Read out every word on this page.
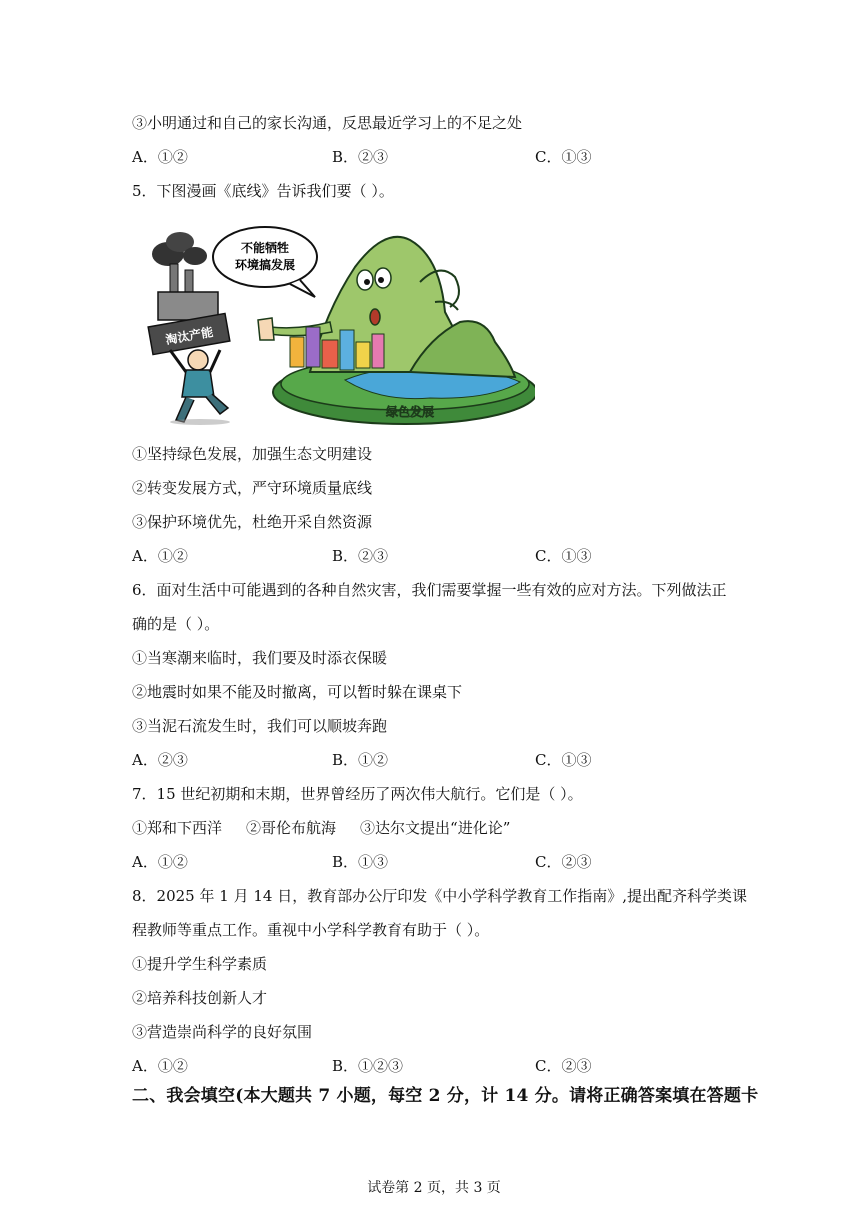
③小明通过和自己的家长沟通，反思最近学习上的不足之处
A．①②	B．②③	C．①③
5．下图漫画《底线》告诉我们要（ ）。
绿色发展
不能牺牲
环境搞发展
淘汰产能
①坚持绿色发展，加强生态文明建设
②转变发展方式，严守环境质量底线
③保护环境优先，杜绝开采自然资源
A．①②	B．②③	C．①③
6．面对生活中可能遇到的各种自然灾害，我们需要掌握一些有效的应对方法。下列做法正
确的是（ ）。
①当寒潮来临时，我们要及时添衣保暖
②地震时如果不能及时撤离，可以暂时躲在课桌下
③当泥石流发生时，我们可以顺坡奔跑
A．②③	B．①②	C．①③
7．15 世纪初期和末期，世界曾经历了两次伟大航行。它们是（ ）。
①郑和下西洋 ②哥伦布航海 ③达尔文提出“进化论”
A．①②	B．①③	C．②③
8．2025 年 1 月 14 日，教育部办公厅印发《中小学科学教育工作指南》,提出配齐科学类课
程教师等重点工作。重视中小学科学教育有助于（ ）。
①提升学生科学素质
②培养科技创新人才
③营造崇尚科学的良好氛围
A．①②	B．①②③	C．②③
二、我会填空(本大题共 7 小题，每空 2 分，计 14 分。请将正确答案填在答题卡
试卷第 2 页，共 3 页
